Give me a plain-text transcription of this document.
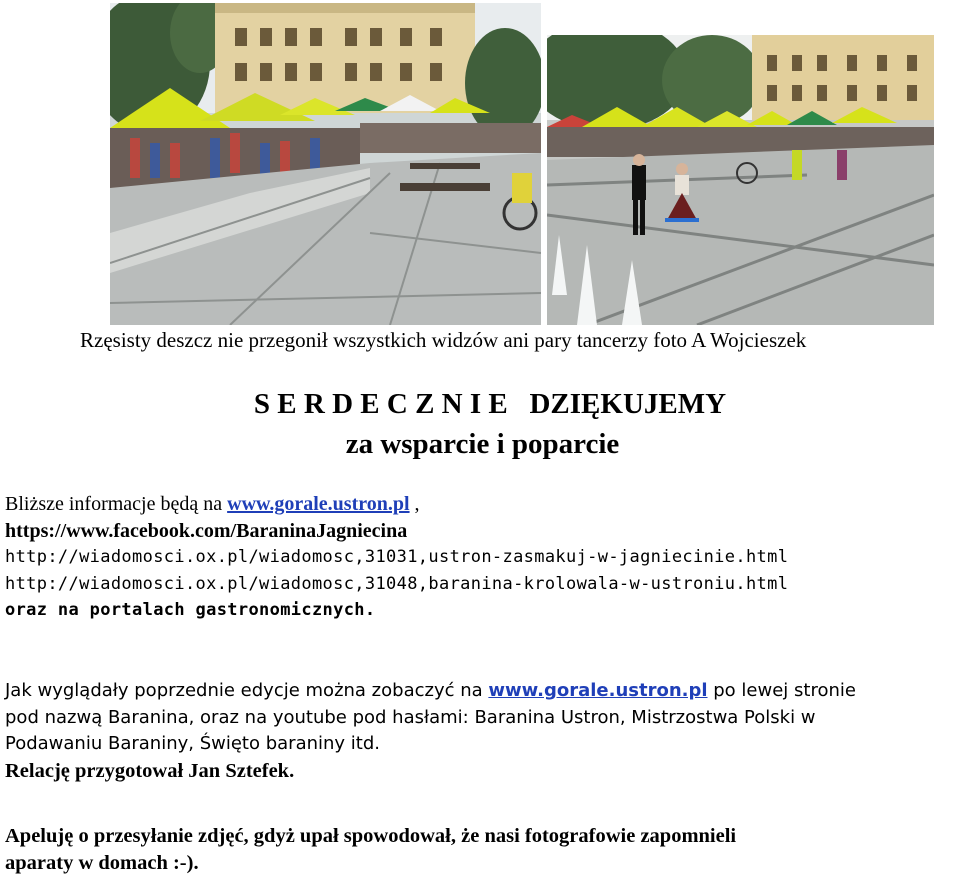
Rzęsisty deszcz nie przegonił wszystkich widzów ani pary tancerzy foto A Wojcieszek
S E R D E C Z N I E   DZIĘKUJEMY
za wsparcie i poparcie
Bliższe informacje będą na www.gorale.ustron.pl ,
https://www.facebook.com/BaraninaJagniecina
http://wiadomosci.ox.pl/wiadomosc,31031,ustron-zasmakuj-w-jagniecinie.html
http://wiadomosci.ox.pl/wiadomosc,31048,baranina-krolowala-w-ustroniu.html
oraz na portalach gastronomicznych.
Jak wyglądały poprzednie edycje można zobaczyć na www.gorale.ustron.pl po lewej stronie
pod nazwą Baranina, oraz na youtube pod hasłami: Baranina Ustron, Mistrzostwa Polski w
Podawaniu Baraniny, Święto baraniny itd.
Relację przygotował Jan Sztefek.
Apeluję o przesyłanie zdjęć, gdyż upał spowodował, że nasi fotografowie zapomnieli
aparaty w domach :-).
